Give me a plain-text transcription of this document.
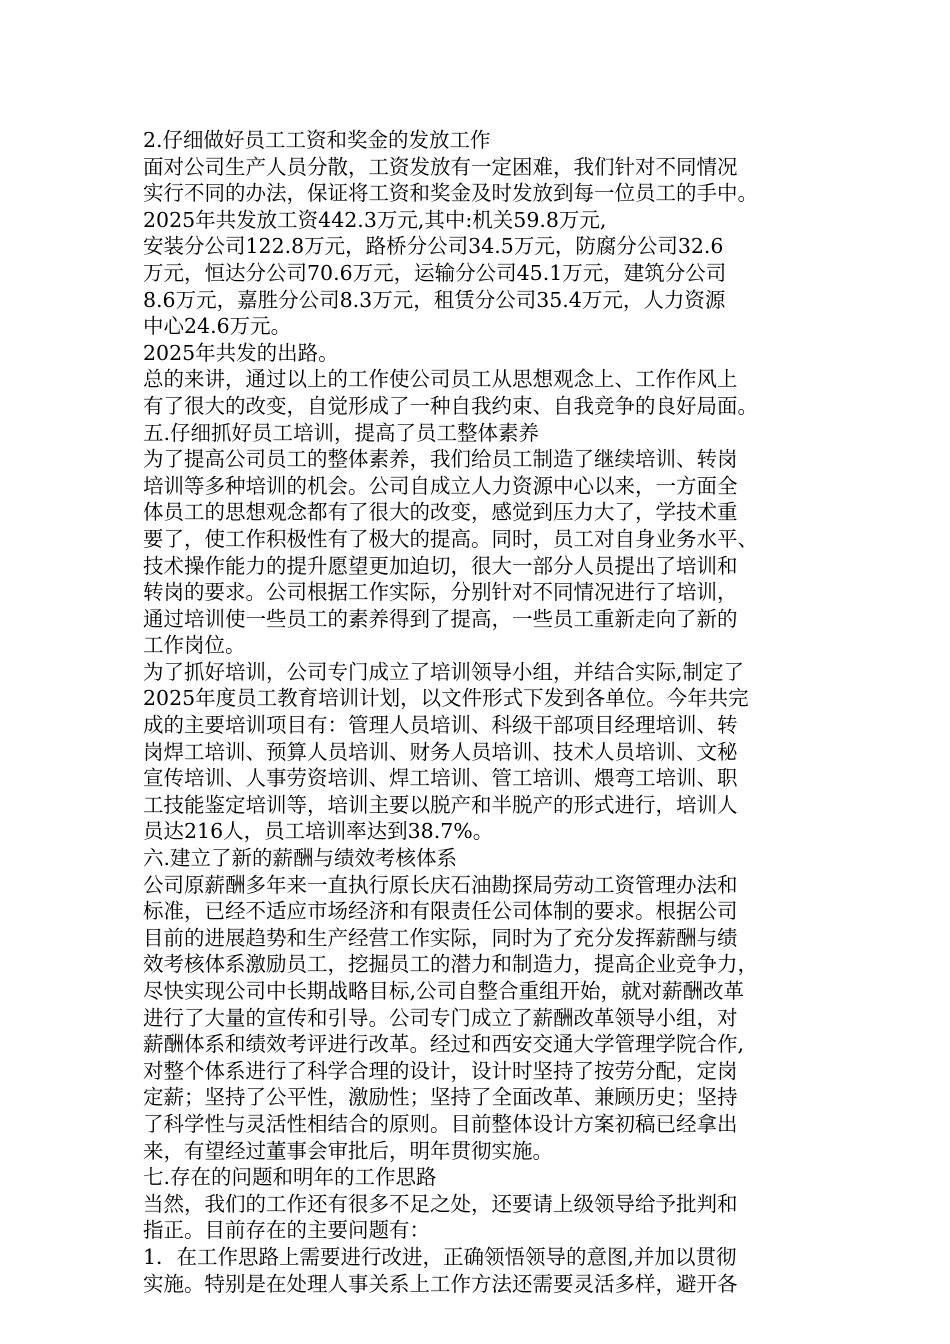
2.仔细做好员工工资和奖金的发放工作

面对公司生产人员分散，工资发放有一定困难，我们针对不同情况

实行不同的办法，保证将工资和奖金及时发放到每一位员工的手中。

2025年共发放工资442.3万元,其中:机关59.8万元,

安装分公司122.8万元，路桥分公司34.5万元，防腐分公司32.6

万元，恒达分公司70.6万元，运输分公司45.1万元，建筑分公司

8.6万元，嘉胜分公司8.3万元，租赁分公司35.4万元，人力资源

中心24.6万元。

2025年共发的出路。

总的来讲，通过以上的工作使公司员工从思想观念上、工作作风上

有了很大的改变，自觉形成了一种自我约束、自我竞争的良好局面。

五.仔细抓好员工培训，提高了员工整体素养

为了提高公司员工的整体素养，我们给员工制造了继续培训、转岗

培训等多种培训的机会。公司自成立人力资源中心以来，一方面全

体员工的思想观念都有了很大的改变，感觉到压力大了，学技术重

要了，使工作积极性有了极大的提高。同时，员工对自身业务水平、

技术操作能力的提升愿望更加迫切，很大一部分人员提出了培训和

转岗的要求。公司根据工作实际，分别针对不同情况进行了培训，

通过培训使一些员工的素养得到了提高，一些员工重新走向了新的

工作岗位。

为了抓好培训，公司专门成立了培训领导小组，并结合实际,制定了

2025年度员工教育培训计划，以文件形式下发到各单位。今年共完

成的主要培训项目有：管理人员培训、科级干部项目经理培训、转

岗焊工培训、预算人员培训、财务人员培训、技术人员培训、文秘

宣传培训、人事劳资培训、焊工培训、管工培训、煨弯工培训、职

工技能鉴定培训等，培训主要以脱产和半脱产的形式进行，培训人

员达216人，员工培训率达到38.7%。

六.建立了新的薪酬与绩效考核体系

公司原薪酬多年来一直执行原长庆石油勘探局劳动工资管理办法和

标准，已经不适应市场经济和有限责任公司体制的要求。根据公司

目前的进展趋势和生产经营工作实际，同时为了充分发挥薪酬与绩

效考核体系激励员工，挖掘员工的潜力和制造力，提高企业竞争力，

尽快实现公司中长期战略目标,公司自整合重组开始，就对薪酬改革

进行了大量的宣传和引导。公司专门成立了薪酬改革领导小组，对

薪酬体系和绩效考评进行改革。经过和西安交通大学管理学院合作,

对整个体系进行了科学合理的设计，设计时坚持了按劳分配，定岗

定薪；坚持了公平性，激励性；坚持了全面改革、兼顾历史；坚持

了科学性与灵活性相结合的原则。目前整体设计方案初稿已经拿出

来，有望经过董事会审批后，明年贯彻实施。

七.存在的问题和明年的工作思路

当然，我们的工作还有很多不足之处，还要请上级领导给予批判和

指正。目前存在的主要问题有：

1．在工作思路上需要进行改进，正确领悟领导的意图,并加以贯彻

实施。特别是在处理人事关系上工作方法还需要灵活多样，避开各
